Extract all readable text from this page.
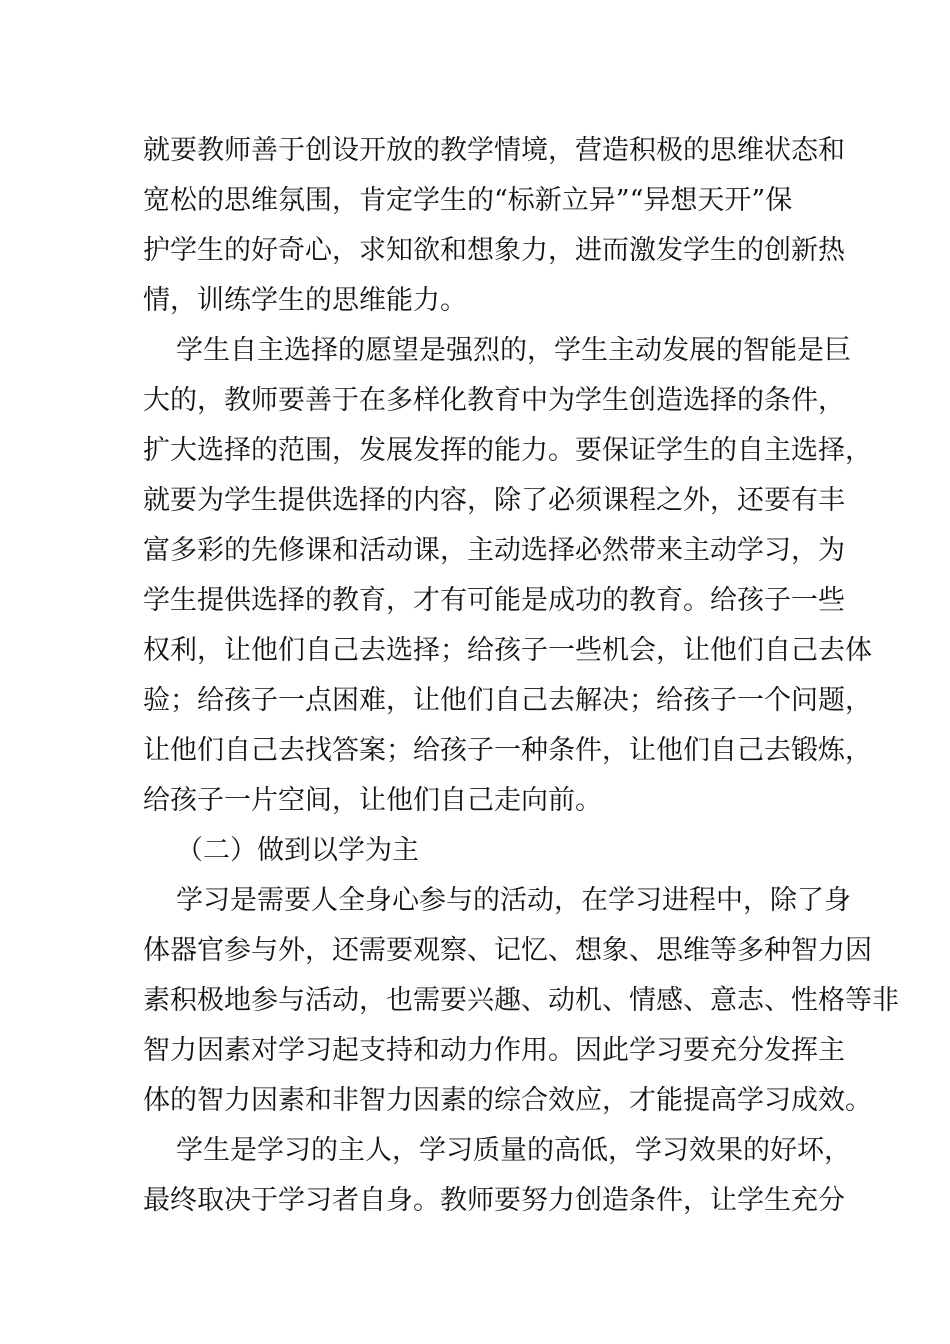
就要教师善于创设开放的教学情境，营造积极的思维状态和
宽松的思维氛围，肯定学生的“标新立异”“异想天开”保
护学生的好奇心，求知欲和想象力，进而激发学生的创新热
情，训练学生的思维能力。
学生自主选择的愿望是强烈的，学生主动发展的智能是巨
大的，教师要善于在多样化教育中为学生创造选择的条件，
扩大选择的范围，发展发挥的能力。要保证学生的自主选择，
就要为学生提供选择的内容，除了必须课程之外，还要有丰
富多彩的先修课和活动课，主动选择必然带来主动学习，为
学生提供选择的教育，才有可能是成功的教育。给孩子一些
权利，让他们自己去选择；给孩子一些机会，让他们自己去体
验；给孩子一点困难，让他们自己去解决；给孩子一个问题，
让他们自己去找答案；给孩子一种条件，让他们自己去锻炼，
给孩子一片空间，让他们自己走向前。
（二）做到以学为主
学习是需要人全身心参与的活动，在学习进程中，除了身
体器官参与外，还需要观察、记忆、想象、思维等多种智力因
素积极地参与活动，也需要兴趣、动机、情感、意志、性格等非
智力因素对学习起支持和动力作用。因此学习要充分发挥主
体的智力因素和非智力因素的综合效应，才能提高学习成效。
学生是学习的主人，学习质量的高低，学习效果的好坏，
最终取决于学习者自身。教师要努力创造条件，让学生充分
